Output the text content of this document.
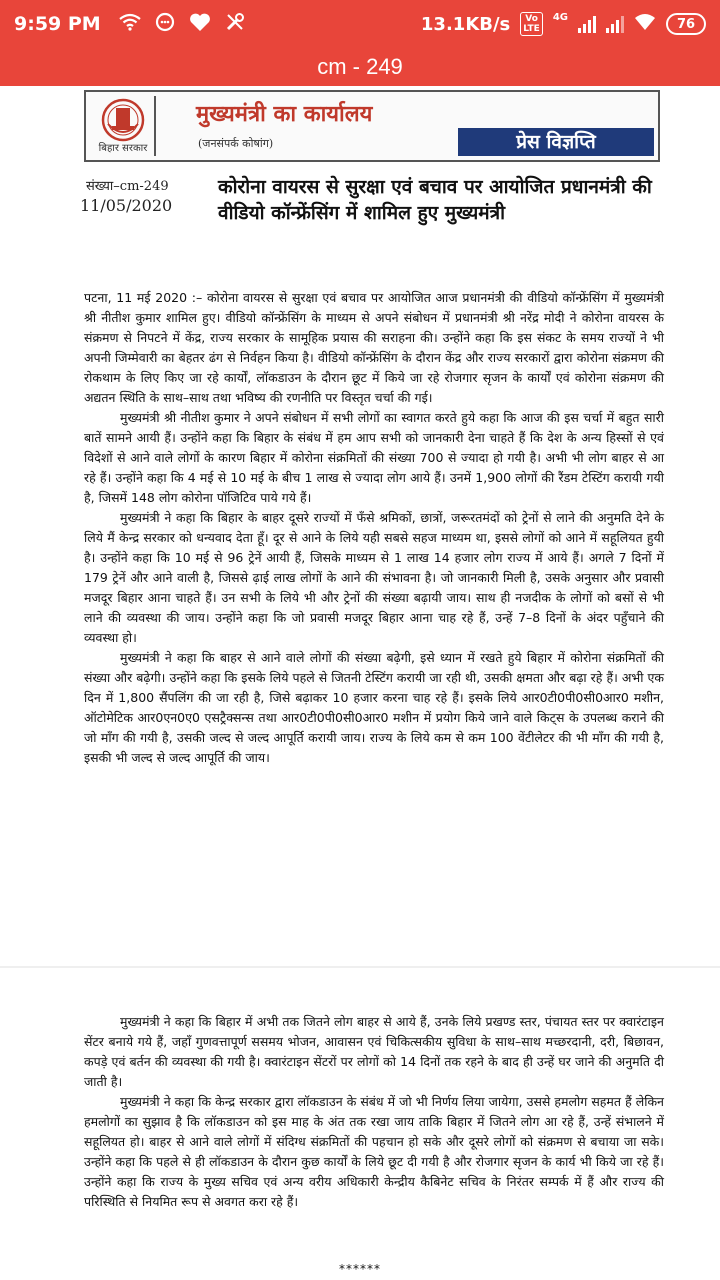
9:59 PM	13.1KB/s	Vo
LTE
4G	76
cm - 249
बिहार सरकार
मुख्यमंत्री का कार्यालय
(जनसंपर्क कोषांग)	प्रेस विज्ञप्ति
संख्या–cm-249
11/05/2020
कोरोना वायरस से सुरक्षा एवं बचाव पर आयोजित प्रधानमंत्री की वीडियो कॉन्फ्रेंसिंग में शामिल हुए मुख्यमंत्री

पटना, 11 मई 2020 :– कोरोना वायरस से सुरक्षा एवं बचाव पर आयोजित आज प्रधानमंत्री की वीडियो कॉन्फ्रेंसिंग में मुख्यमंत्री श्री नीतीश कुमार शामिल हुए। वीडियो कॉन्फ्रेंसिंग के माध्यम से अपने संबोधन में प्रधानमंत्री श्री नरेंद्र मोदी ने कोरोना वायरस के संक्रमण से निपटने में केंद्र, राज्य सरकार के सामूहिक प्रयास की सराहना की। उन्होंने कहा कि इस संकट के समय राज्यों ने भी अपनी जिम्मेवारी का बेहतर ढंग से निर्वहन किया है। वीडियो कॉन्फ्रेंसिंग के दौरान केंद्र और राज्य सरकारों द्वारा कोरोना संक्रमण की रोकथाम के लिए किए जा रहे कार्यों, लॉकडाउन के दौरान छूट में किये जा रहे रोजगार सृजन के कार्यों एवं कोरोना संक्रमण की अद्यतन स्थिति के साथ–साथ तथा भविष्य की रणनीति पर विस्तृत चर्चा की गई।

मुख्यमंत्री श्री नीतीश कुमार ने अपने संबोधन में सभी लोगों का स्वागत करते हुये कहा कि आज की इस चर्चा में बहुत सारी बातें सामने आयी हैं। उन्होंने कहा कि बिहार के संबंध में हम आप सभी को जानकारी देना चाहते हैं कि देश के अन्य हिस्सों से एवं विदेशों से आने वाले लोगों के कारण बिहार में कोरोना संक्रमितों की संख्या 700 से ज्यादा हो गयी है। अभी भी लोग बाहर से आ रहे हैं। उन्होंने कहा कि 4 मई से 10 मई के बीच 1 लाख से ज्यादा लोग आये हैं। उनमें 1,900 लोगों की रैंडम टेस्टिंग करायी गयी है, जिसमें 148 लोग कोरोना पॉजिटिव पाये गये हैं।

मुख्यमंत्री ने कहा कि बिहार के बाहर दूसरे राज्यों में फँसे श्रमिकों, छात्रों, जरूरतमंदों को ट्रेनों से लाने की अनुमति देने के लिये मैं केन्द्र सरकार को धन्यवाद देता हूँ। दूर से आने के लिये यही सबसे सहज माध्यम था, इससे लोगों को आने में सहूलियत हुयी है। उन्होंने कहा कि 10 मई से 96 ट्रेनें आयी हैं, जिसके माध्यम से 1 लाख 14 हजार लोग राज्य में आये हैं। अगले 7 दिनों में 179 ट्रेनें और आने वाली है, जिससे ढ़ाई लाख लोगों के आने की संभावना है। जो जानकारी मिली है, उसके अनुसार और प्रवासी मजदूर बिहार आना चाहते हैं। उन सभी के लिये भी और ट्रेनों की संख्या बढ़ायी जाय। साथ ही नजदीक के लोगों को बसों से भी लाने की व्यवस्था की जाय। उन्होंने कहा कि जो प्रवासी मजदूर बिहार आना चाह रहे हैं, उन्हें 7–8 दिनों के अंदर पहुँचाने की व्यवस्था हो।

मुख्यमंत्री ने कहा कि बाहर से आने वाले लोगों की संख्या बढ़ेगी, इसे ध्यान में रखते हुये बिहार में कोरोना संक्रमितों की संख्या और बढ़ेगी। उन्होंने कहा कि इसके लिये पहले से जितनी टेस्टिंग करायी जा रही थी, उसकी क्षमता और बढ़ा रहे हैं। अभी एक दिन में 1,800 सैंपलिंग की जा रही है, जिसे बढ़ाकर 10 हजार करना चाह रहे हैं। इसके लिये आर0टी0पी0सी0आर0 मशीन, ऑटोमेटिक आर0एन0ए0 एसट्रैक्सन्स तथा आर0टी0पी0सी0आर0 मशीन में प्रयोग किये जाने वाले किट्स के उपलब्ध कराने की जो माँग की गयी है, उसकी जल्द से जल्द आपूर्ति करायी जाय। राज्य के लिये कम से कम 100 वेंटीलेटर की भी माँग की गयी है, इसकी भी जल्द से जल्द आपूर्ति की जाय।

मुख्यमंत्री ने कहा कि बिहार में अभी तक जितने लोग बाहर से आये हैं, उनके लिये प्रखण्ड स्तर, पंचायत स्तर पर क्वारंटाइन सेंटर बनाये गये हैं, जहाँ गुणवत्तापूर्ण ससमय भोजन, आवासन एवं चिकित्सकीय सुविधा के साथ–साथ मच्छरदानी, दरी, बिछावन, कपड़े एवं बर्तन की व्यवस्था की गयी है। क्वारंटाइन सेंटरों पर लोगों को 14 दिनों तक रहने के बाद ही उन्हें घर जाने की अनुमति दी जाती है।

मुख्यमंत्री ने कहा कि केन्द्र सरकार द्वारा लॉकडाउन के संबंध में जो भी निर्णय लिया जायेगा, उससे हमलोग सहमत हैं लेकिन हमलोगों का सुझाव है कि लॉकडाउन को इस माह के अंत तक रखा जाय ताकि बिहार में जितने लोग आ रहे हैं, उन्हें संभालने में सहूलियत हो। बाहर से आने वाले लोगों में संदिग्ध संक्रमितों की पहचान हो सके और दूसरे लोगों को संक्रमण से बचाया जा सके। उन्होंने कहा कि पहले से ही लॉकडाउन के दौरान कुछ कार्यों के लिये छूट दी गयी है और रोजगार सृजन के कार्य भी किये जा रहे हैं। उन्होंने कहा कि राज्य के मुख्य सचिव एवं अन्य वरीय अधिकारी केन्द्रीय कैबिनेट सचिव के निरंतर सम्पर्क में हैं और राज्य की परिस्थिति से नियमित रूप से अवगत करा रहे हैं।

******
